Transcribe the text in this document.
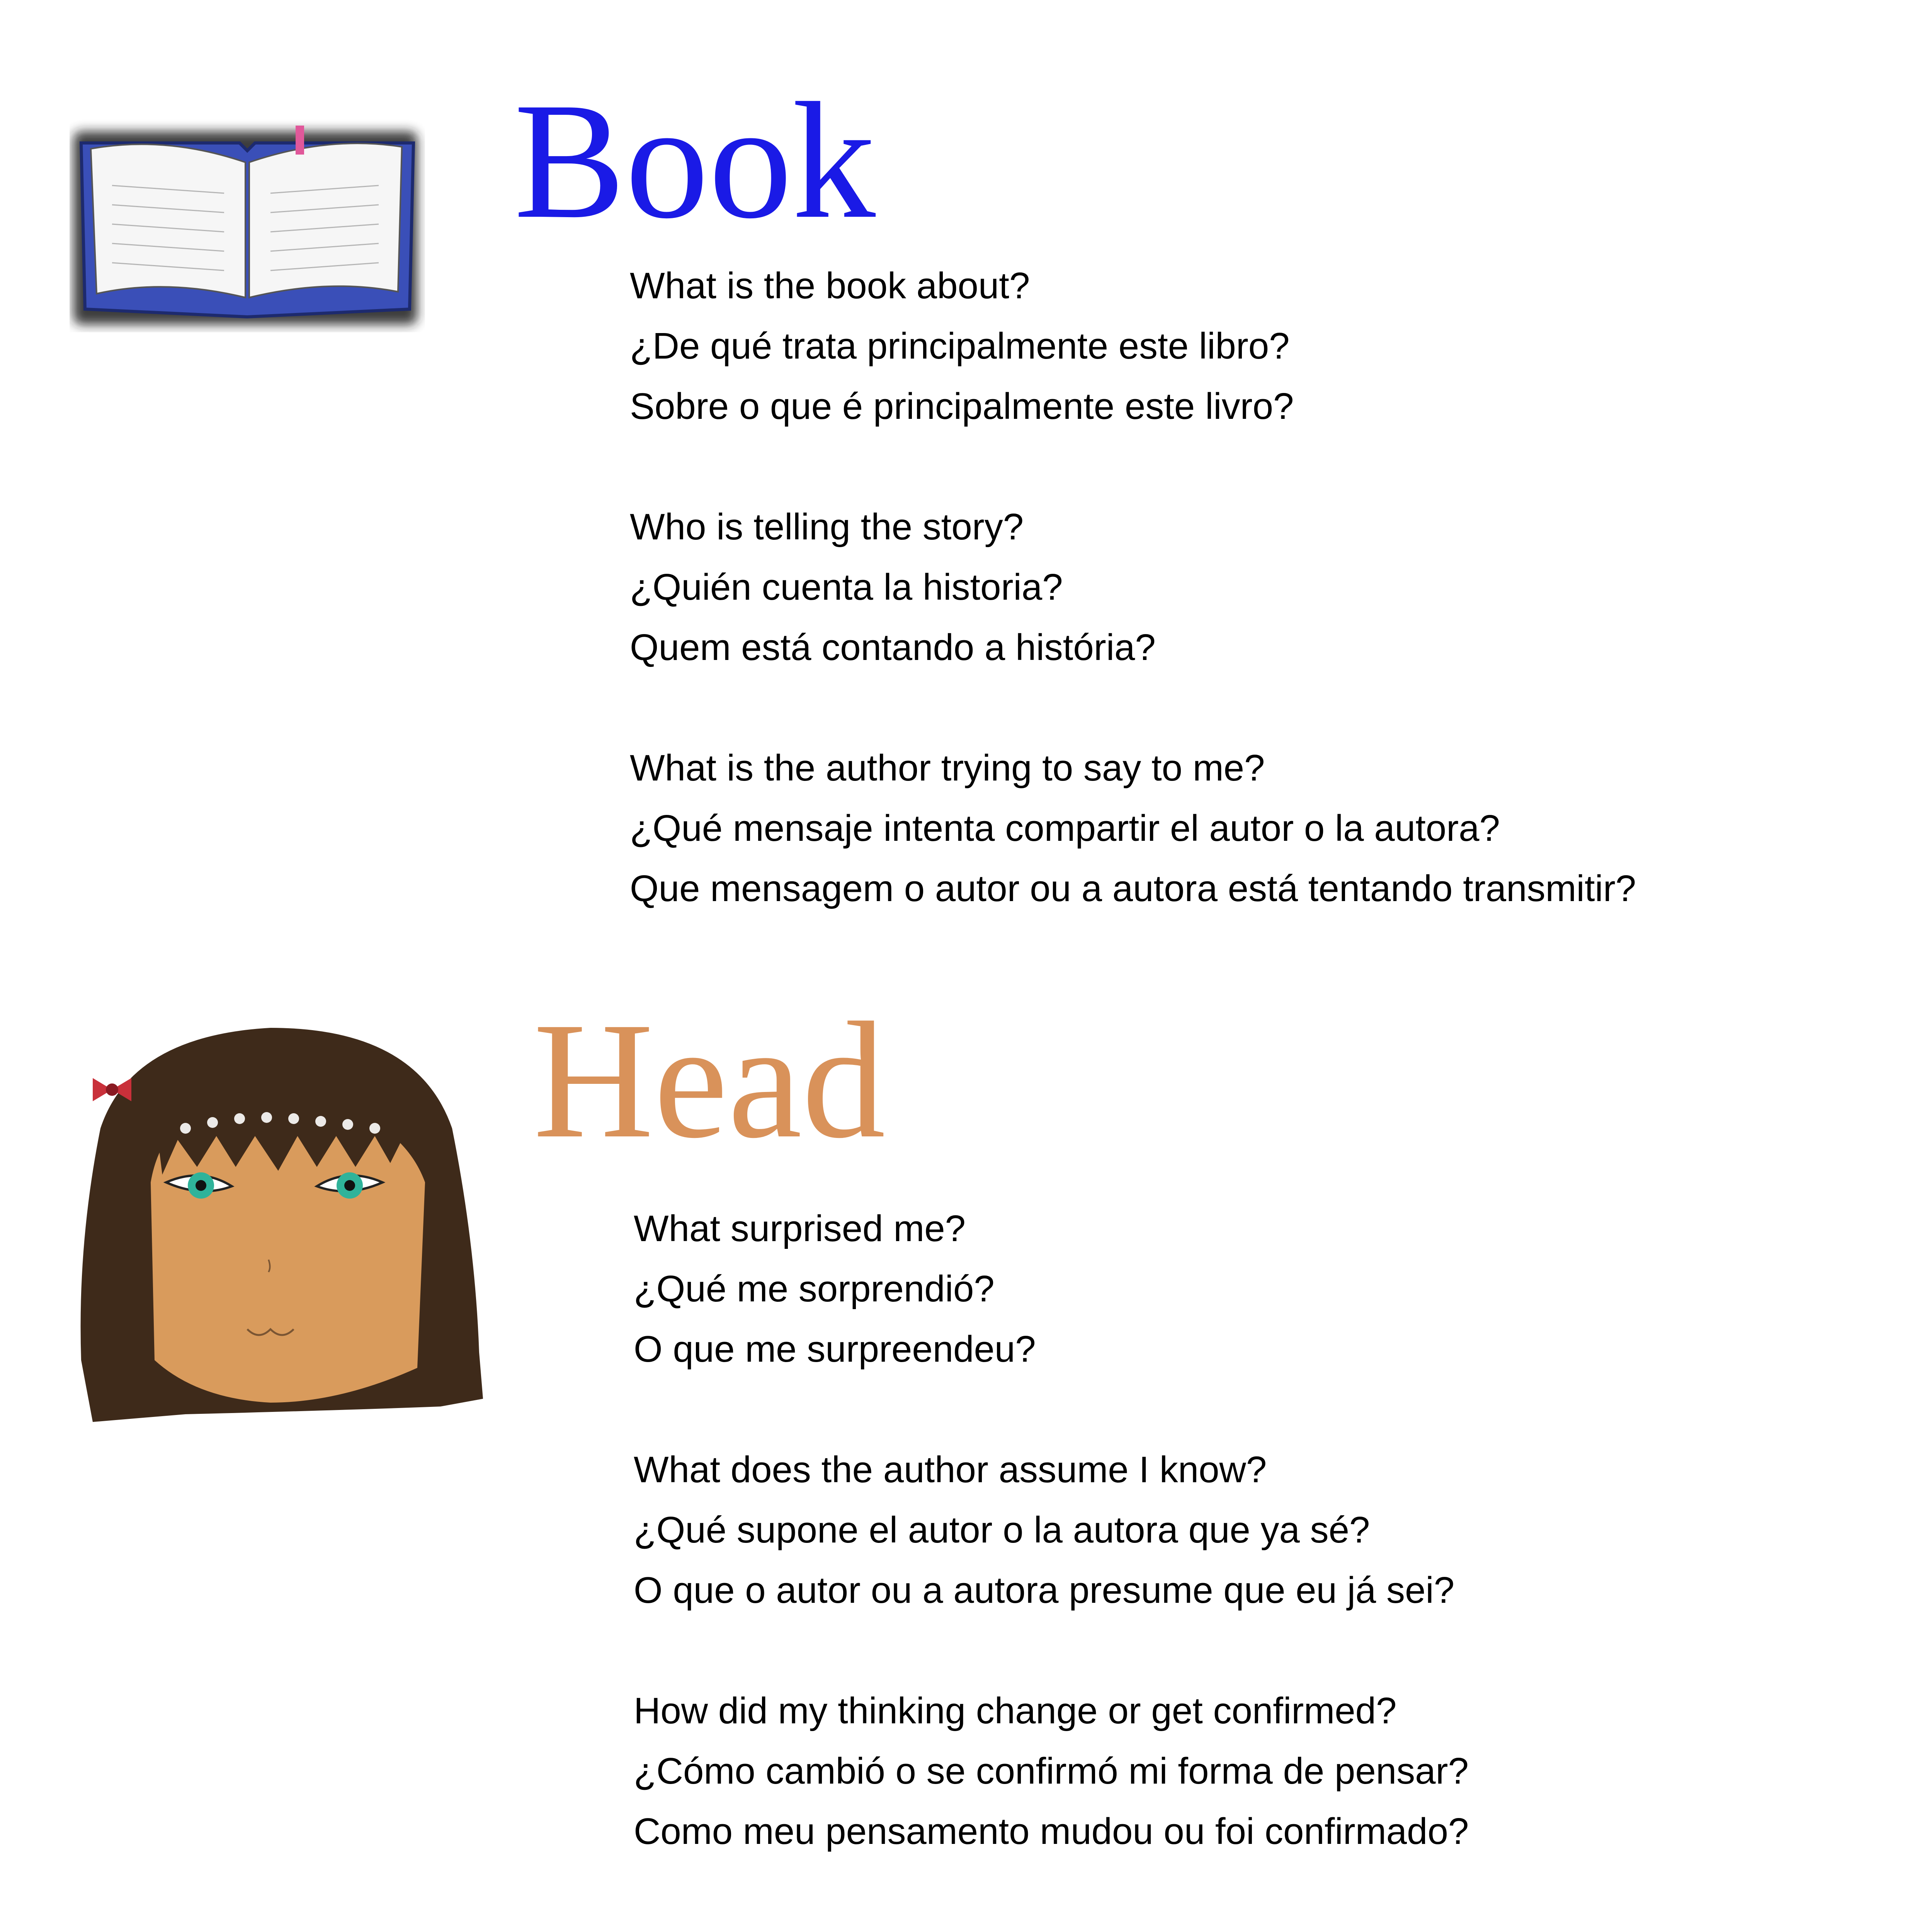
Book
What is the book about?
¿De qué trata principalmente este libro?
Sobre o que é principalmente este livro?
Who is telling the story?
¿Quién cuenta la historia?
Quem está contando a história?
What is the author trying to say to me?
¿Qué mensaje intenta compartir el autor o la autora?
Que mensagem o autor ou a autora está tentando transmitir?
Head
What surprised me?
¿Qué me sorprendió?
O que me surpreendeu?
What does the author assume I know?
¿Qué supone el autor o la autora que ya sé?
O que o autor ou a autora presume que eu já sei?
How did my thinking change or get confirmed?
¿Cómo cambió o se confirmó mi forma de pensar?
Como meu pensamento mudou ou foi confirmado?
